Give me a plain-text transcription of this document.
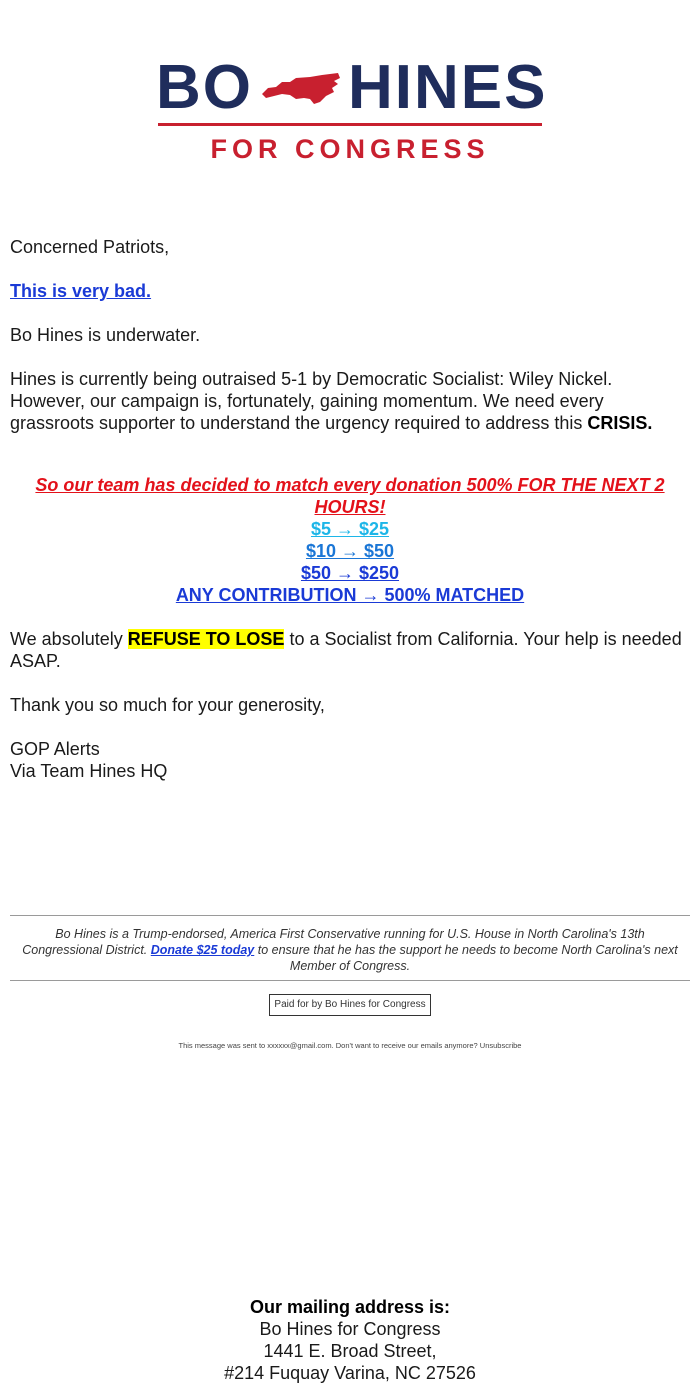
BO HINES
FOR CONGRESS
Concerned Patriots,
This is very bad.
Bo Hines is underwater.
Hines is currently being outraised 5-1 by Democratic Socialist: Wiley Nickel. However, our campaign is, fortunately, gaining momentum. We need every grassroots supporter to understand the urgency required to address this CRISIS.

So our team has decided to match every donation 500% FOR THE NEXT 2 HOURS!

$5 → $25
$10 → $50
$50 → $250
ANY CONTRIBUTION → 500% MATCHED
We absolutely REFUSE TO LOSE to a Socialist from California. Your help is needed ASAP.
Thank you so much for your generosity,

GOP Alerts

Via Team Hines HQ

Bo Hines is a Trump-endorsed, America First Conservative running for U.S. House in North Carolina's 13th Congressional District. Donate $25 today to ensure that he has the support he needs to become North Carolina's next Member of Congress.
Paid for by Bo Hines for Congress
This message was sent to xxxxxx@gmail.com. Don't want to receive our emails anymore? Unsubscribe
Our mailing address is:
Bo Hines for Congress
1441 E. Broad Street,
#214 Fuquay Varina, NC 27526
